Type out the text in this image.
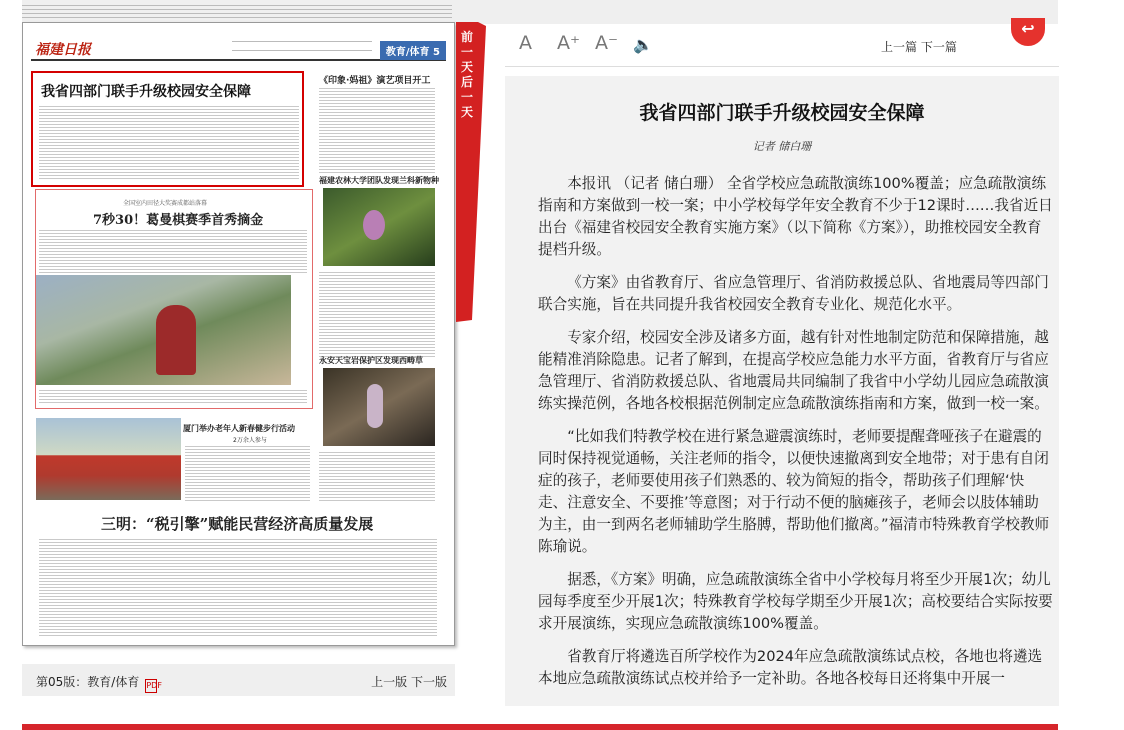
福建日报	教育/体育 5
我省四部门联手升级校园安全保障
《印象·妈祖》演艺项目开工
福建农林大学团队发现兰科新物种
永安天宝岩保护区发现西畴草
全国室内田径大奖赛成都站落幕
7秒30！葛曼棋赛季首秀摘金
厦门举办老年人新春健步行活动
2万余人参与
三明：“税引擎”赋能民营经济高质量发展
第05版：教育/体育 PDF	上一版 下一版
前
一
天
后
一
天
A A⁺ A⁻ 🔈	上一篇 下一篇
↩
我省四部门联手升级校园安全保障
记者 储白珊

本报讯 （记者 储白珊） 全省学校应急疏散演练100%覆盖；应急疏散演练指南和方案做到一校一案；中小学校每学年安全教育不少于12课时……我省近日出台《福建省校园安全教育实施方案》（以下简称《方案》），助推校园安全教育提档升级。

《方案》由省教育厅、省应急管理厅、省消防救援总队、省地震局等四部门联合实施，旨在共同提升我省校园安全教育专业化、规范化水平。

专家介绍，校园安全涉及诸多方面，越有针对性地制定防范和保障措施，越能精准消除隐患。记者了解到，在提高学校应急能力水平方面，省教育厅与省应急管理厅、省消防救援总队、省地震局共同编制了我省中小学幼儿园应急疏散演练实操范例，各地各校根据范例制定应急疏散演练指南和方案，做到一校一案。

“比如我们特教学校在进行紧急避震演练时，老师要提醒聋哑孩子在避震的同时保持视觉通畅，关注老师的指令，以便快速撤离到安全地带；对于患有自闭症的孩子，老师要使用孩子们熟悉的、较为简短的指令，帮助孩子们理解‘快走、注意安全、不要推’等意图；对于行动不便的脑瘫孩子，老师会以肢体辅助为主，由一到两名老师辅助学生胳膊，帮助他们撤离。”福清市特殊教育学校教师陈瑜说。

据悉，《方案》明确，应急疏散演练全省中小学校每月将至少开展1次；幼儿园每季度至少开展1次；特殊教育学校每学期至少开展1次；高校要结合实际按要求开展演练，实现应急疏散演练100%覆盖。

省教育厅将遴选百所学校作为2024年应急疏散演练试点校，各地也将遴选本地应急疏散演练试点校并给予一定补助。各地各校每日还将集中开展一
